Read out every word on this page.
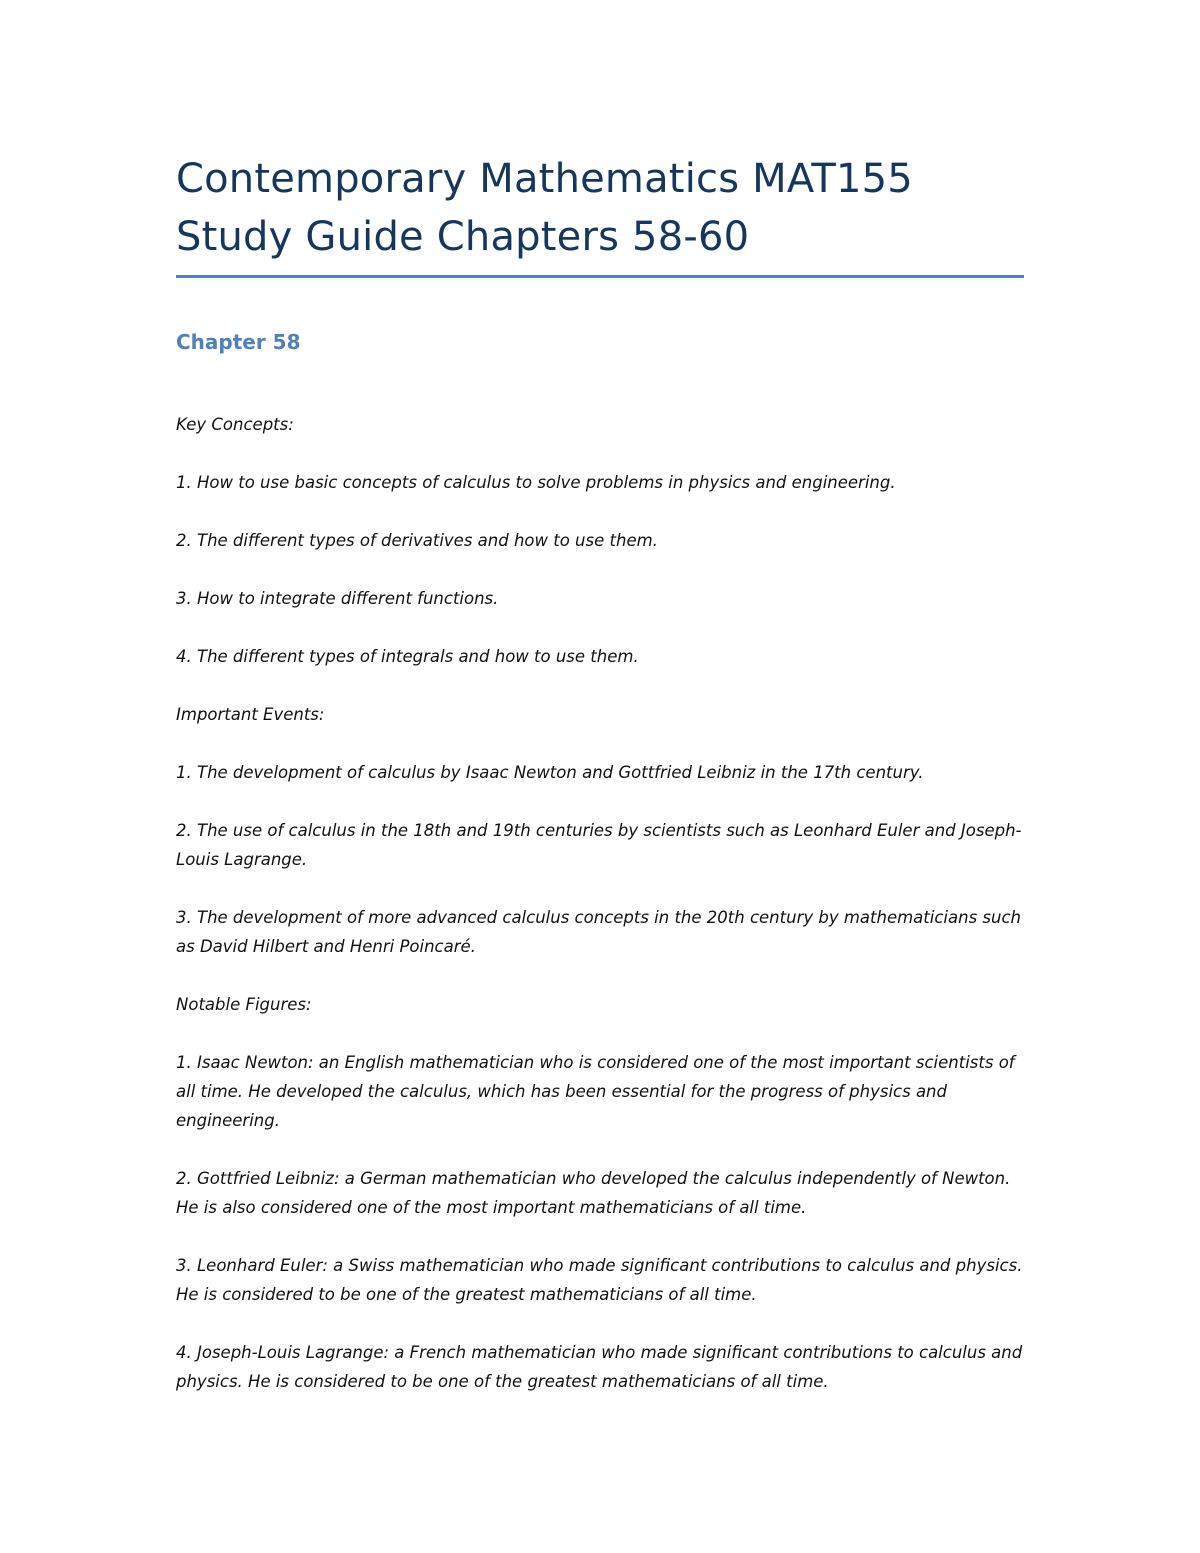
Contemporary Mathematics MAT155
Study Guide Chapters 58-60
Chapter 58

Key Concepts:

1. How to use basic concepts of calculus to solve problems in physics and engineering.

2. The different types of derivatives and how to use them.

3. How to integrate different functions.

4. The different types of integrals and how to use them.

Important Events:

1. The development of calculus by Isaac Newton and Gottfried Leibniz in the 17th century.

2. The use of calculus in the 18th and 19th centuries by scientists such as Leonhard Euler and Joseph-Louis Lagrange.

3. The development of more advanced calculus concepts in the 20th century by mathematicians such as David Hilbert and Henri Poincaré.

Notable Figures:

1. Isaac Newton: an English mathematician who is considered one of the most important scientists of all time. He developed the calculus, which has been essential for the progress of physics and engineering.

2. Gottfried Leibniz: a German mathematician who developed the calculus independently of Newton. He is also considered one of the most important mathematicians of all time.

3. Leonhard Euler: a Swiss mathematician who made significant contributions to calculus and physics. He is considered to be one of the greatest mathematicians of all time.

4. Joseph-Louis Lagrange: a French mathematician who made significant contributions to calculus and physics. He is considered to be one of the greatest mathematicians of all time.
